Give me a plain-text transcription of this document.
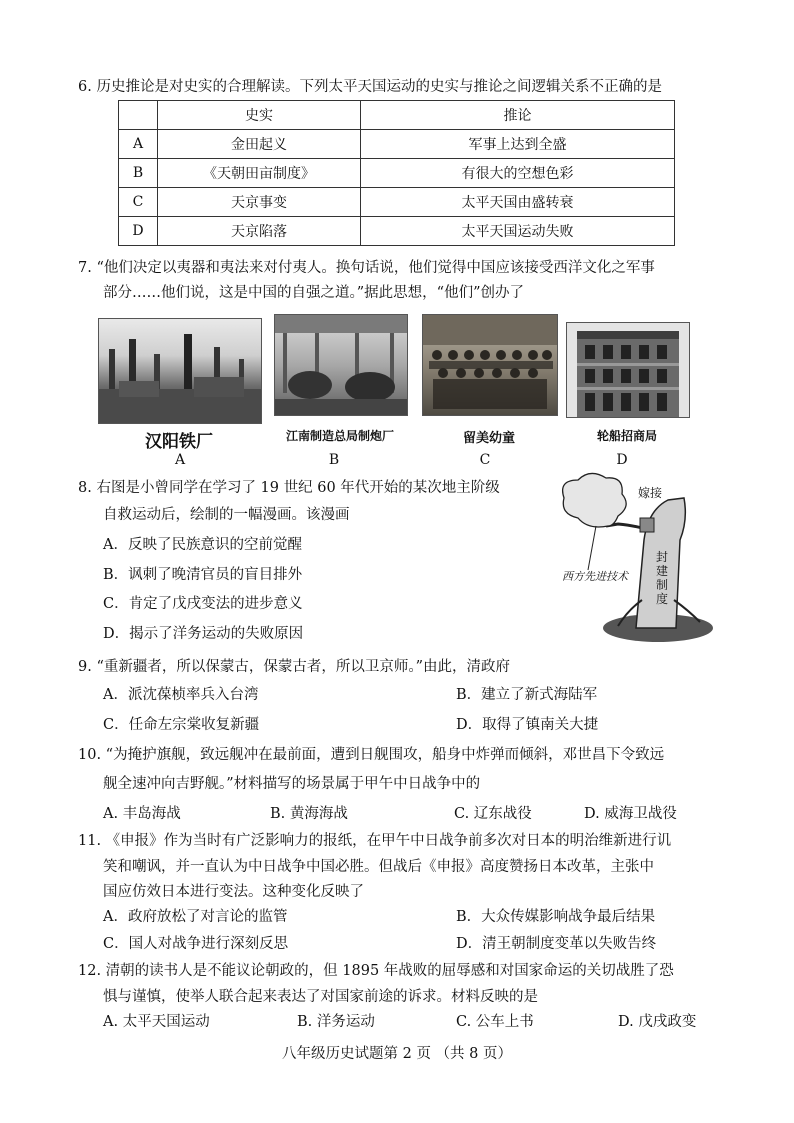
6. 历史推论是对史实的合理解读。下列太平天国运动的史实与推论之间逻辑关系不正确的是
	史实	推论
A	金田起义	军事上达到全盛
B	《天朝田亩制度》	有很大的空想色彩
C	天京事变	太平天国由盛转衰
D	天京陷落	太平天国运动失败
7. “他们决定以夷器和夷法来对付夷人。换句话说，他们觉得中国应该接受西洋文化之军事
部分……他们说，这是中国的自强之道。”据此思想，“他们”创办了
汉阳铁厂
A
江南制造总局制炮厂
B
留美幼童
C
轮船招商局
D
8. 右图是小曾同学在学习了 19 世纪 60 年代开始的某次地主阶级
自救运动后，绘制的一幅漫画。该漫画
A．反映了民族意识的空前觉醒
B．讽刺了晚清官员的盲目排外
C．肯定了戊戌变法的进步意义
D．揭示了洋务运动的失败原因
嫁接
封建制度
西方先进技术
9. “重新疆者，所以保蒙古，保蒙古者，所以卫京师。”由此，清政府
A．派沈葆桢率兵入台湾	B．建立了新式海陆军
C．任命左宗棠收复新疆	D．取得了镇南关大捷
10. “为掩护旗舰，致远舰冲在最前面，遭到日舰围攻，船身中炸弹而倾斜，邓世昌下令致远
舰全速冲向吉野舰。”材料描写的场景属于甲午中日战争中的
A. 丰岛海战	B. 黄海海战	C. 辽东战役	D. 威海卫战役
11. 《申报》作为当时有广泛影响力的报纸，在甲午中日战争前多次对日本的明治维新进行讥
笑和嘲讽，并一直认为中日战争中国必胜。但战后《申报》高度赞扬日本改革，主张中
国应仿效日本进行变法。这种变化反映了
A．政府放松了对言论的监管	B．大众传媒影响战争最后结果
C．国人对战争进行深刻反思	D．清王朝制度变革以失败告终
12. 清朝的读书人是不能议论朝政的，但 1895 年战败的屈辱感和对国家命运的关切战胜了恐
惧与谨慎，使举人联合起来表达了对国家前途的诉求。材料反映的是
A. 太平天国运动	B. 洋务运动	C. 公车上书	D. 戊戌政变
八年级历史试题第 2 页 （共 8 页）
